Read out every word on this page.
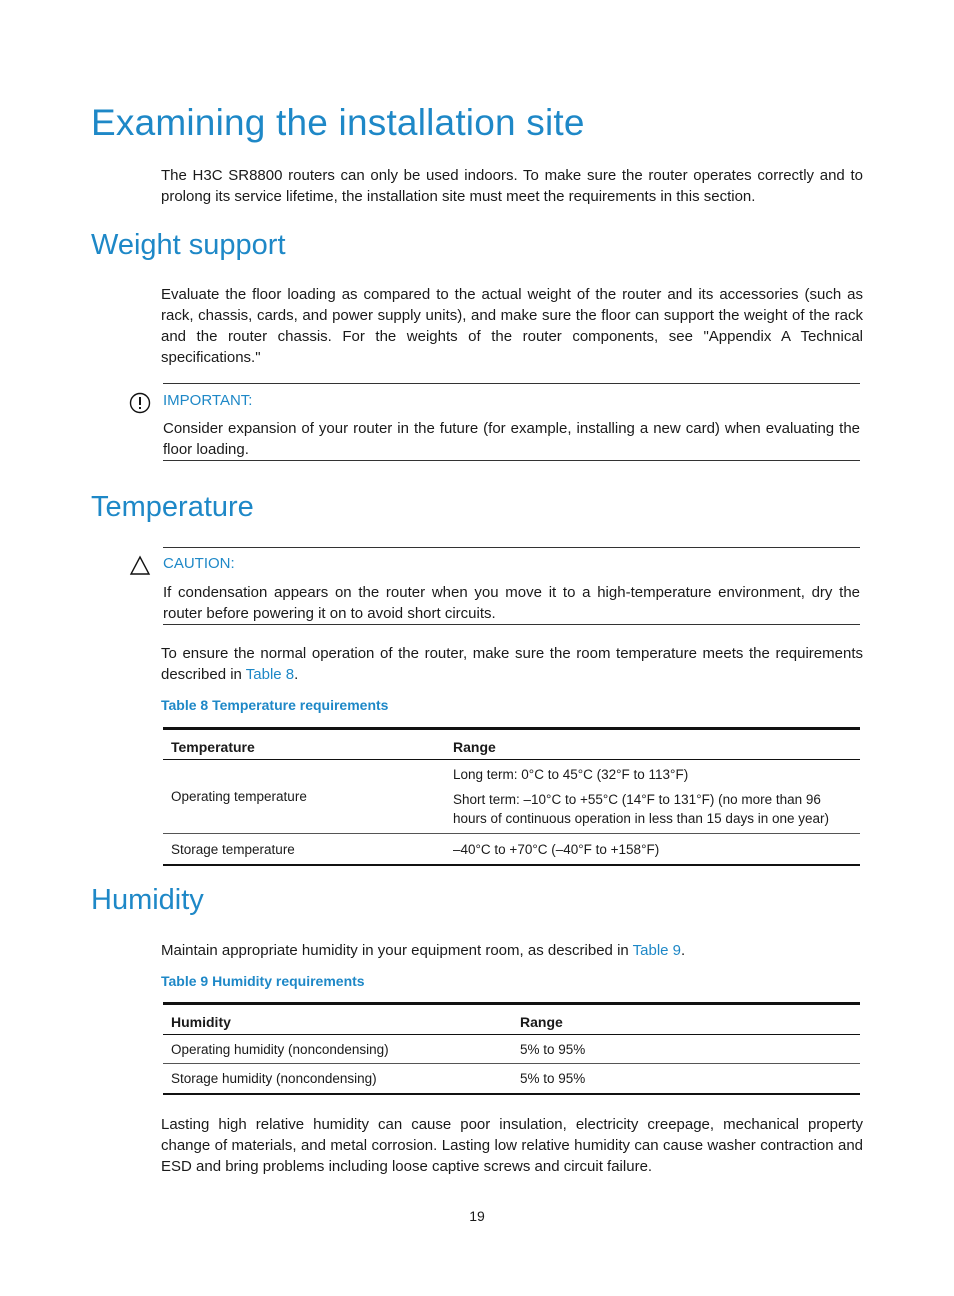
Examining the installation site

The H3C SR8800 routers can only be used indoors. To make sure the router operates correctly and to prolong its service lifetime, the installation site must meet the requirements in this section.

Weight support

Evaluate the floor loading as compared to the actual weight of the router and its accessories (such as rack, chassis, cards, and power supply units), and make sure the floor can support the weight of the rack and the router chassis. For the weights of the router components, see "Appendix A Technical specifications."

IMPORTANT:
Consider expansion of your router in the future (for example, installing a new card) when evaluating the floor loading.
Temperature
CAUTION:
If condensation appears on the router when you move it to a high-temperature environment, dry the router before powering it on to avoid short circuits.

To ensure the normal operation of the router, make sure the room temperature meets the requirements described in Table 8.

Table 8 Temperature requirements
Temperature	Range
Operating temperature	Long term: 0°C to 45°C (32°F to 113°F)
Short term: –10°C to +55°C (14°F to 131°F) (no more than 96 hours of continuous operation in less than 15 days in one year)

Storage temperature	–40°C to +70°C (–40°F to +158°F)
Humidity

Maintain appropriate humidity in your equipment room, as described in Table 9.

Table 9 Humidity requirements
Humidity	Range
Operating humidity (noncondensing)	5% to 95%
Storage humidity (noncondensing)	5% to 95%

Lasting high relative humidity can cause poor insulation, electricity creepage, mechanical property change of materials, and metal corrosion. Lasting low relative humidity can cause washer contraction and ESD and bring problems including loose captive screws and circuit failure.

19
